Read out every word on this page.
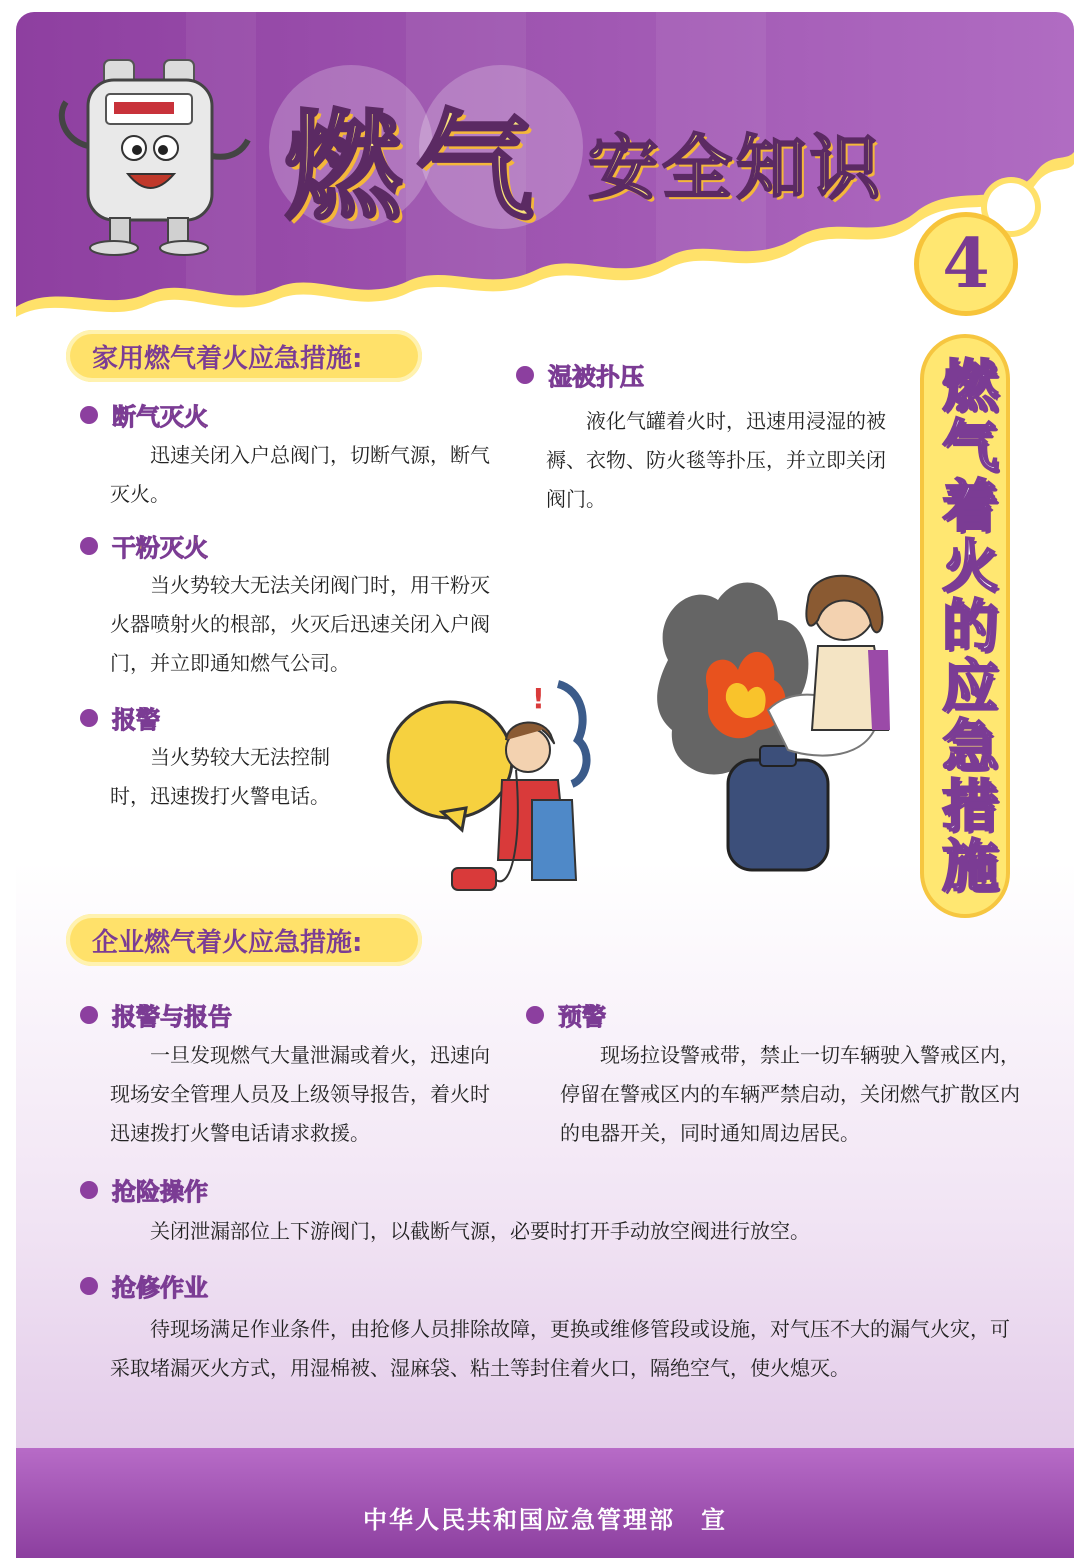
燃气 安全知识
4
燃气着火的应急措施
家用燃气着火应急措施:
断气灭火

迅速关闭入户总阀门，切断气源，断气灭火。

干粉灭火

当火势较大无法关闭阀门时，用干粉灭火器喷射火的根部，火灭后迅速关闭入户阀门，并立即通知燃气公司。

报警

当火势较大无法控制时，迅速拨打火警电话。

湿被扑压

液化气罐着火时，迅速用浸湿的被褥、衣物、防火毯等扑压，并立即关闭阀门。

!
企业燃气着火应急措施:
报警与报告

一旦发现燃气大量泄漏或着火，迅速向现场安全管理人员及上级领导报告，着火时迅速拨打火警电话请求救援。

预警

现场拉设警戒带，禁止一切车辆驶入警戒区内，停留在警戒区内的车辆严禁启动，关闭燃气扩散区内的电器开关，同时通知周边居民。

抢险操作

关闭泄漏部位上下游阀门，以截断气源，必要时打开手动放空阀进行放空。

抢修作业

待现场满足作业条件，由抢修人员排除故障，更换或维修管段或设施，对气压不大的漏气火灾，可采取堵漏灭火方式，用湿棉被、湿麻袋、粘土等封住着火口，隔绝空气，使火熄灭。

中华人民共和国应急管理部　宣
